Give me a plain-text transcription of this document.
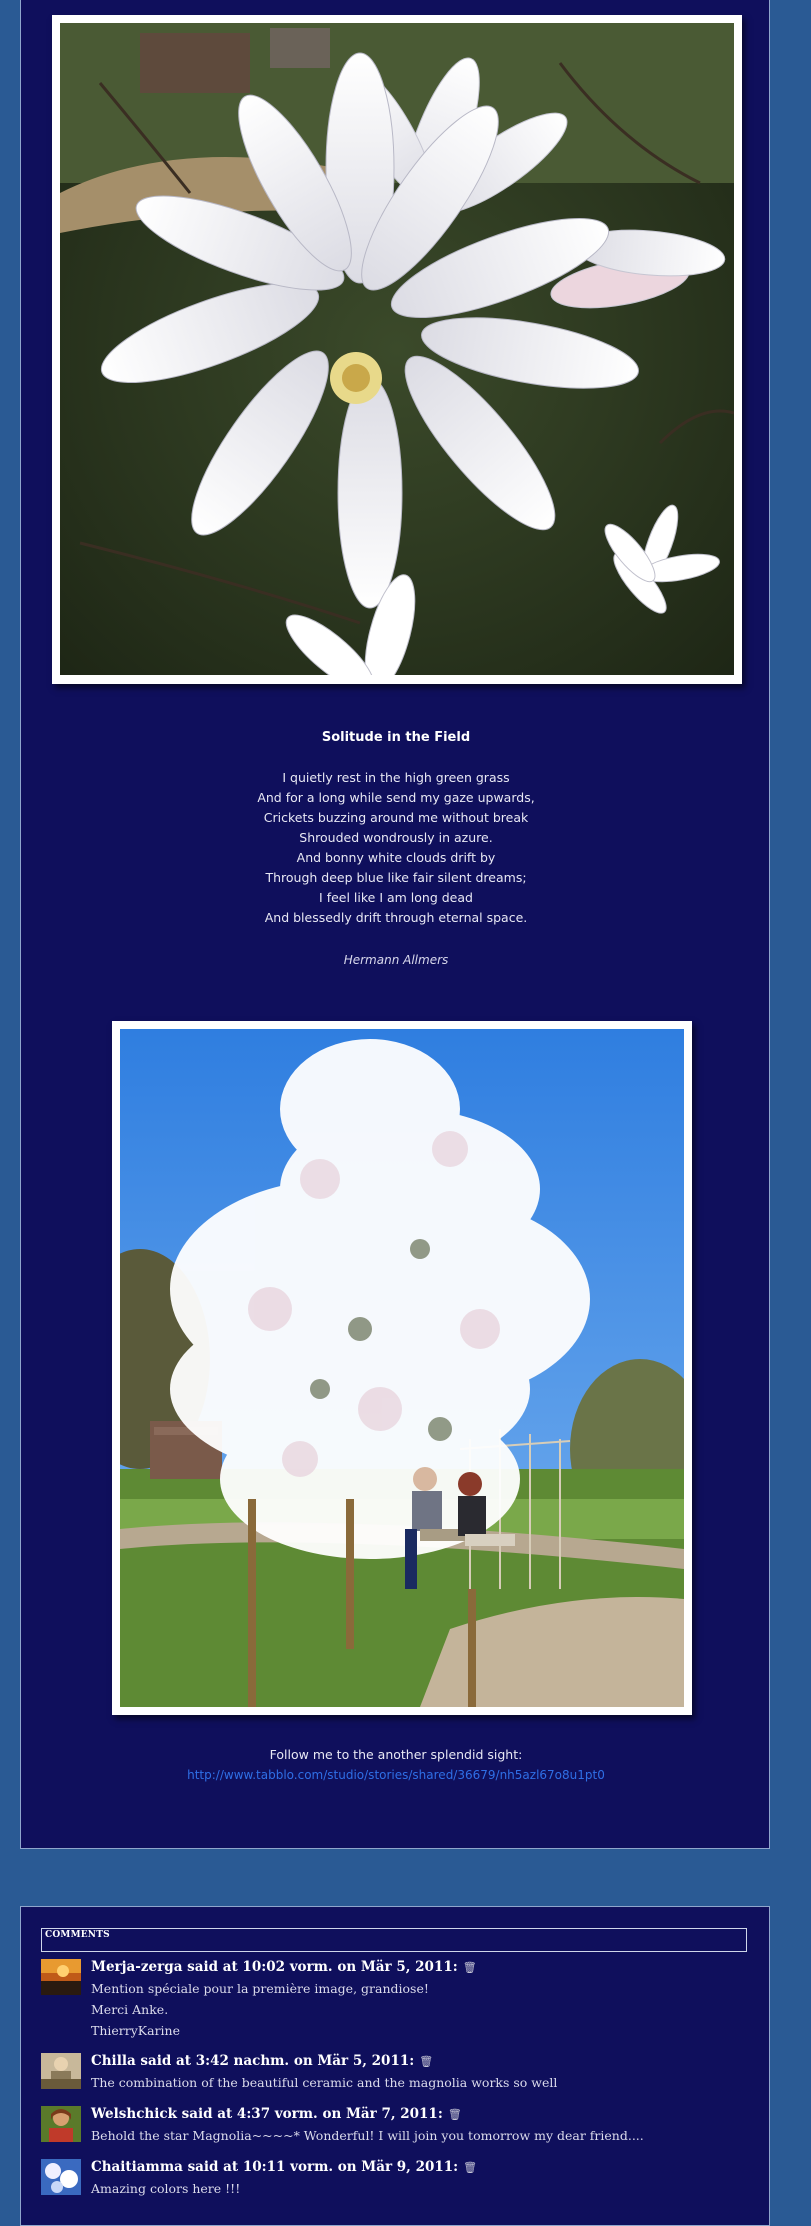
Solitude in the Field
I quietly rest in the high green grass
And for a long while send my gaze upwards,
Crickets buzzing around me without break
Shrouded wondrously in azure.
And bonny white clouds drift by
Through deep blue like fair silent dreams;
I feel like I am long dead
And blessedly drift through eternal space.
Hermann Allmers
Follow me to the another splendid sight:
http://www.tabblo.com/studio/stories/shared/36679/nh5azl67o8u1pt0
COMMENTS
Merja-zerga said at 10:02 vorm. on Mär 5, 2011: 🗑
Mention spéciale pour la première image, grandiose!
Merci Anke.
ThierryKarine
Chilla said at 3:42 nachm. on Mär 5, 2011: 🗑
The combination of the beautiful ceramic and the magnolia works so well
Welshchick said at 4:37 vorm. on Mär 7, 2011: 🗑
Behold the star Magnolia~~~~* Wonderful! I will join you tomorrow my dear friend....
Chaitiamma said at 10:11 vorm. on Mär 9, 2011: 🗑
Amazing colors here !!!
